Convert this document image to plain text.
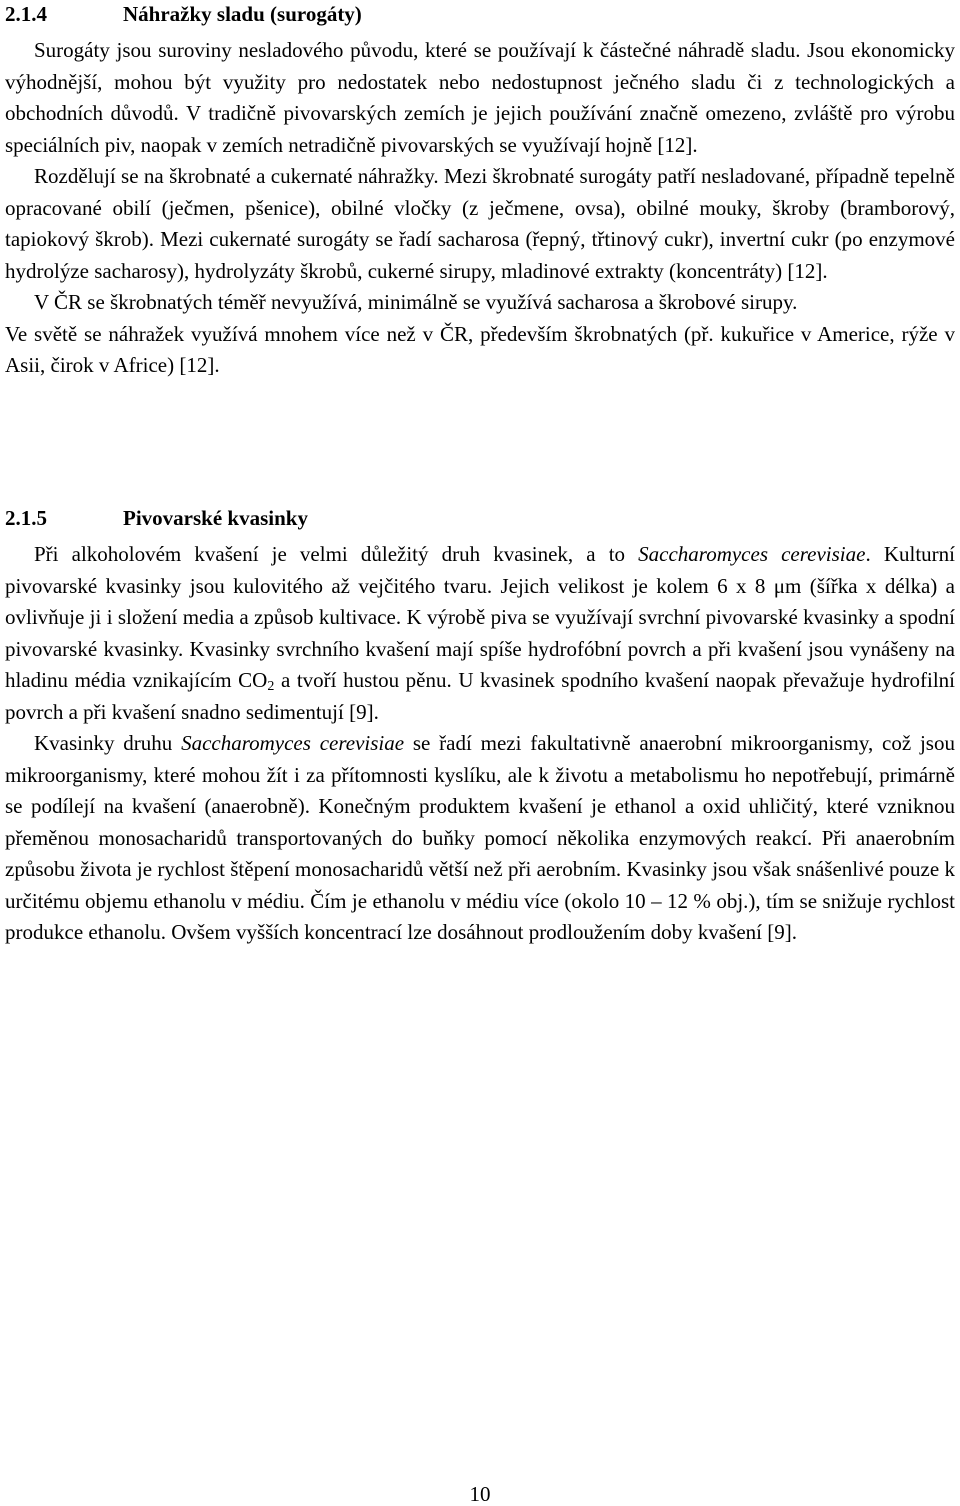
2.1.4	Náhražky sladu (surogáty)

Surogáty jsou suroviny nesladového původu, které se používají k částečné náhradě sladu. Jsou ekonomicky výhodnější, mohou být využity pro nedostatek nebo nedostupnost ječného sladu či z technologických a obchodních důvodů. V tradičně pivovarských zemích je jejich používání značně omezeno, zvláště pro výrobu speciálních piv, naopak v zemích netradičně pivovarských se využívají hojně [12].

Rozdělují se na škrobnaté a cukernaté náhražky. Mezi škrobnaté surogáty patří nesladované, případně tepelně opracované obilí (ječmen, pšenice), obilné vločky (z ječmene, ovsa), obilné mouky, škroby (bramborový, tapiokový škrob). Mezi cukernaté surogáty se řadí sacharosa (řepný, třtinový cukr), invertní cukr (po enzymové hydrolýze sacharosy), hydrolyzáty škrobů, cukerné sirupy, mladinové extrakty (koncentráty) [12].

V ČR se škrobnatých téměř nevyužívá, minimálně se využívá sacharosa a škrobové sirupy.

Ve světě se náhražek využívá mnohem více než v ČR, především škrobnatých (př. kukuřice v Americe, rýže v Asii, čirok v Africe) [12].

2.1.5	Pivovarské kvasinky

Při alkoholovém kvašení je velmi důležitý druh kvasinek, a to Saccharomyces cerevisiae. Kulturní pivovarské kvasinky jsou kulovitého až vejčitého tvaru. Jejich velikost je kolem 6 x 8 μm (šířka x délka) a ovlivňuje ji i složení media a způsob kultivace. K výrobě piva se využívají svrchní pivovarské kvasinky a spodní pivovarské kvasinky. Kvasinky svrchního kvašení mají spíše hydrofóbní povrch a při kvašení jsou vynášeny na hladinu média vznikajícím $CO_2$ a tvoří hustou pěnu. U kvasinek spodního kvašení naopak převažuje hydrofilní povrch a při kvašení snadno sedimentují [9].

Kvasinky druhu Saccharomyces cerevisiae se řadí mezi fakultativně anaerobní mikroorganismy, což jsou mikroorganismy, které mohou žít i za přítomnosti kyslíku, ale k životu a metabolismu ho nepotřebují, primárně se podílejí na kvašení (anaerobně). Konečným produktem kvašení je ethanol a oxid uhličitý, které vzniknou přeměnou monosacharidů transportovaných do buňky pomocí několika enzymových reakcí. Při anaerobním způsobu života je rychlost štěpení monosacharidů větší než při aerobním. Kvasinky jsou však snášenlivé pouze k určitému objemu ethanolu v médiu. Čím je ethanolu v médiu více (okolo 10 – 12 % obj.), tím se snižuje rychlost produkce ethanolu. Ovšem vyšších koncentrací lze dosáhnout prodloužením doby kvašení [9].

10
